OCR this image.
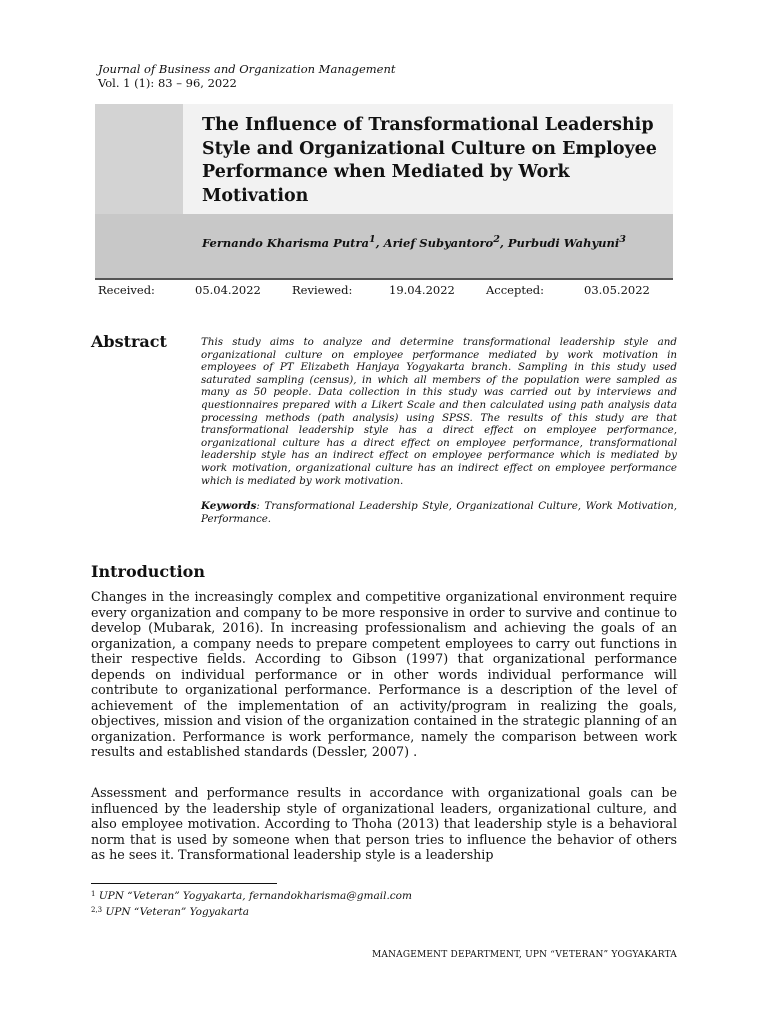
Journal of Business and Organization Management
Vol. 1 (1): 83 – 96, 2022
The Influence of Transformational Leadership Style and Organizational Culture on Employee Performance when Mediated by Work Motivation
Fernando Kharisma Putra$^1$, Arief Subyantoro$^2$, Purbudi Wahyuni$^3$
Received:	05.04.2022	Reviewed:	19.04.2022	Accepted:	03.05.2022
Abstract	This study aims to analyze and determine transformational leadership style and organizational culture on employee performance mediated by work motivation in employees of PT Elizabeth Hanjaya Yogyakarta branch. Sampling in this study used saturated sampling (census), in which all members of the population were sampled as many as 50 people. Data collection in this study was carried out by interviews and questionnaires prepared with a Likert Scale and then calculated using path analysis data processing methods (path analysis) using SPSS. The results of this study are that transformational leadership style has a direct effect on employee performance, organizational culture has a direct effect on employee performance, transformational leadership style has an indirect effect on employee performance which is mediated by work motivation, organizational culture has an indirect effect on employee performance which is mediated by work motivation.
Keywords: Transformational Leadership Style, Organizational Culture, Work Motivation, Performance.
Introduction
Changes in the increasingly complex and competitive organizational environment require every organization and company to be more responsive in order to survive and continue to develop (Mubarak, 2016). In increasing professionalism and achieving the goals of an organization, a company needs to prepare competent employees to carry out functions in their respective fields. According to Gibson (1997) that organizational performance depends on individual performance or in other words individual performance will contribute to organizational performance. Performance is a description of the level of achievement of the implementation of an activity/program in realizing the goals, objectives, mission and vision of the organization contained in the strategic planning of an organization. Performance is work performance, namely the comparison between work results and established standards (Dessler, 2007) .
Assessment and performance results in accordance with organizational goals can be influenced by the leadership style of organizational leaders, organizational culture, and also employee motivation. According to Thoha (2013) that leadership style is a behavioral norm that is used by someone when that person tries to influence the behavior of others as he sees it. Transformational leadership style is a leadership
$^1$ UPN “Veteran” Yogyakarta, fernandokharisma@gmail.com
$^{2,3}$ UPN “Veteran” Yogyakarta
MANAGEMENT DEPARTMENT, UPN “VETERAN” YOGYAKARTA
